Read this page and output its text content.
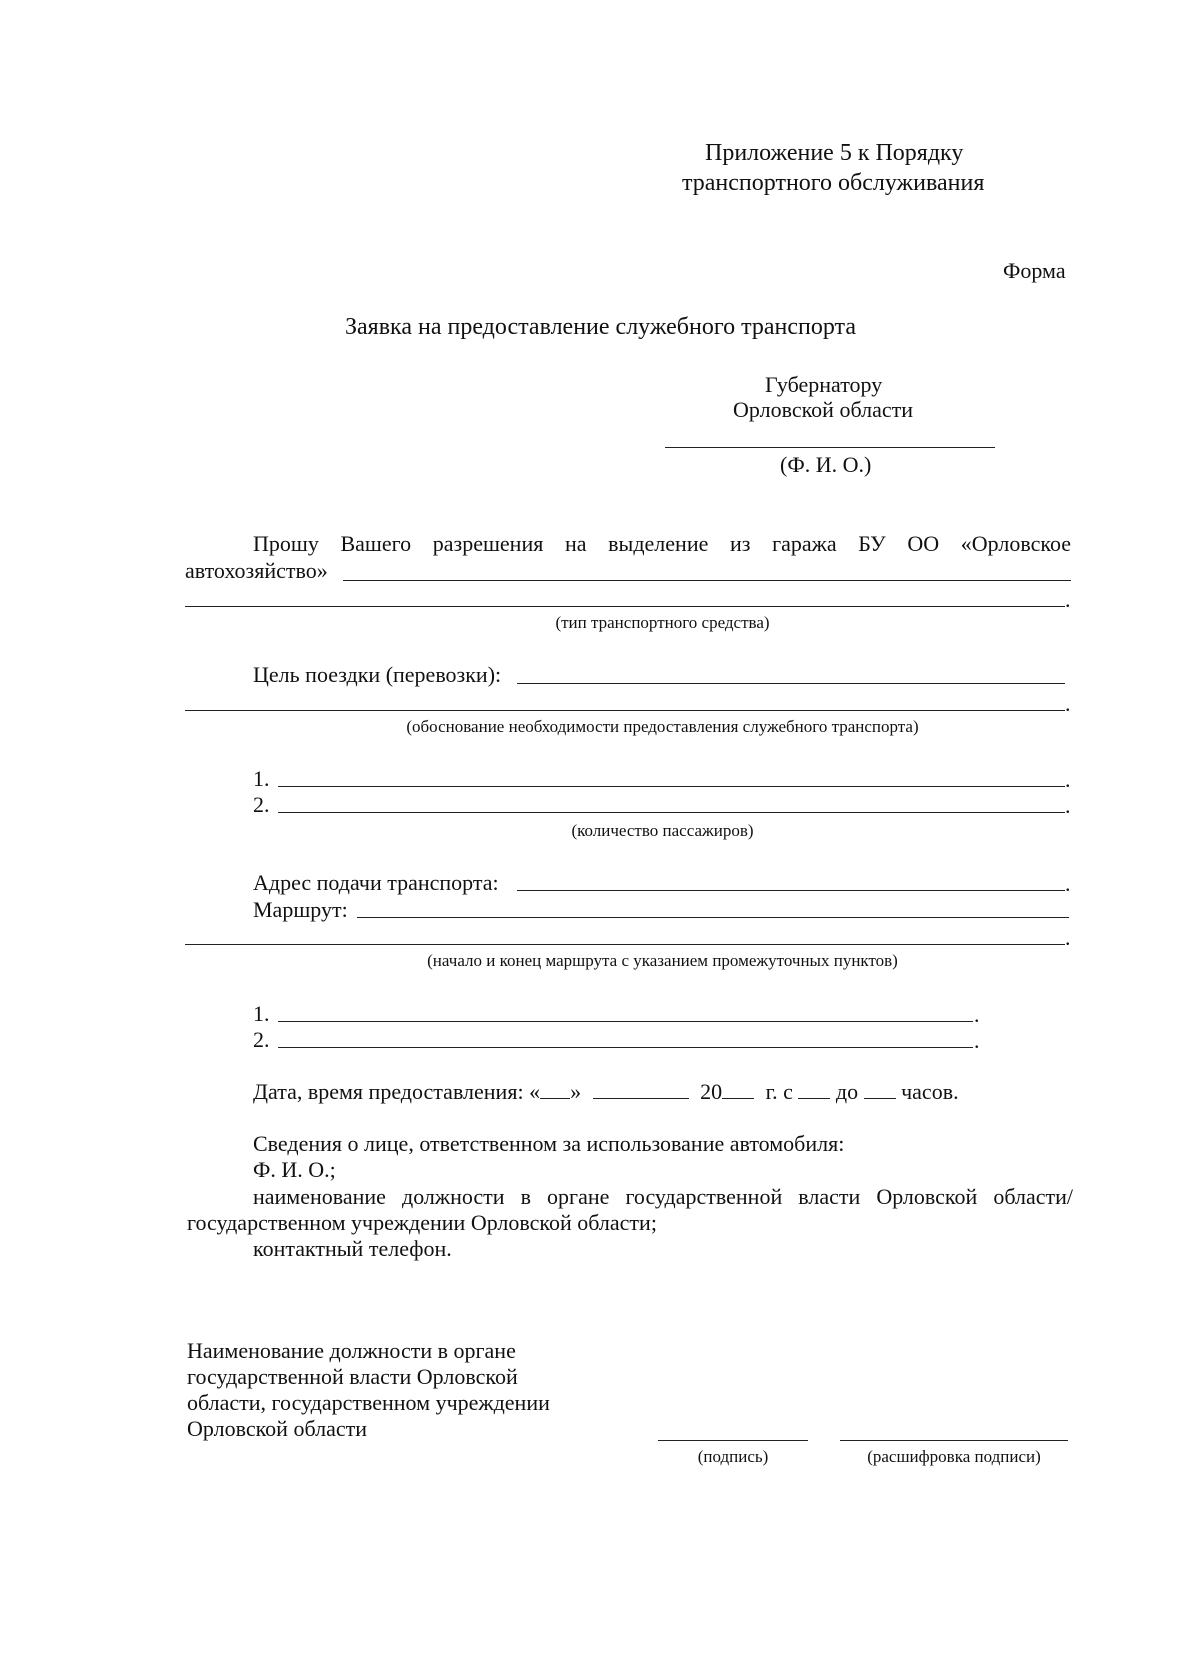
Приложение 5 к Порядку
транспортного обслуживания
Форма
Заявка на предоставление служебного транспорта
Губернатору
Орловской области
(Ф. И. О.)
Прошу Вашего разрешения на выделение из гаража БУ ОО «Орловское
автохозяйство»
.
(тип транспортного средства)
Цель поездки (перевозки):
.
(обоснование необходимости предоставления служебного транспорта)
1.	.
2.	.
(количество пассажиров)
Адрес подачи транспорта:	.
Маршрут:
.
(начало и конец маршрута с указанием промежуточных пунктов)
1.	.
2.	.
Дата, время предоставления: « »	20 г. с до часов.
Сведения о лице, ответственном за использование автомобиля:
Ф. И. О.;
наименование должности в органе государственной власти Орловской области/
государственном учреждении Орловской области;
контактный телефон.
Наименование должности в органе
государственной власти Орловской
области, государственном учреждении
Орловской области
(подпись)	(расшифровка подписи)
